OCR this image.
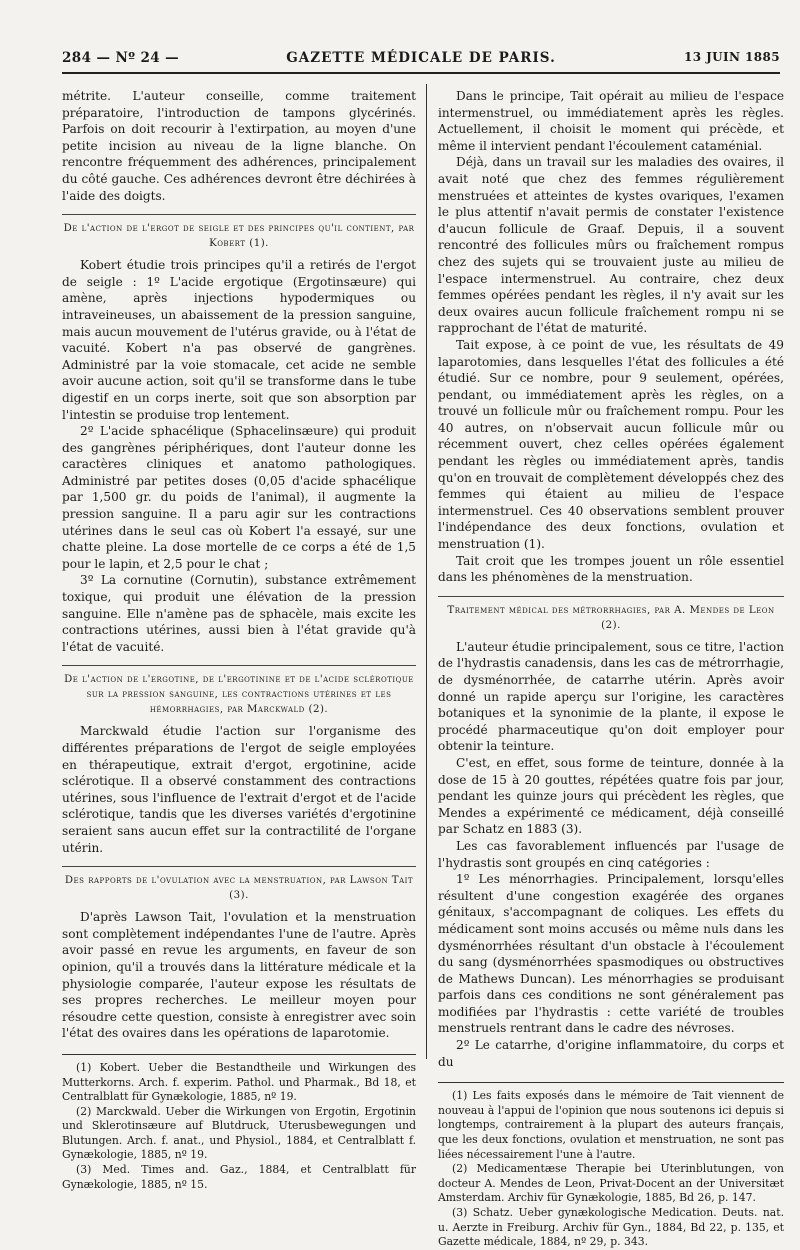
284 — Nº 24 —	GAZETTE MÉDICALE DE PARIS.	13 JUIN 1885

métrite. L'auteur conseille, comme traitement préparatoire, l'introduction de tampons glycérinés. Parfois on doit recourir à l'extirpation, au moyen d'une petite incision au niveau de la ligne blanche. On rencontre fréquemment des adhérences, principalement du côté gauche. Ces adhérences devront être déchirées à l'aide des doigts.

De l'action de l'ergot de seigle et des principes qu'il contient, par Kobert (1).

Kobert étudie trois principes qu'il a retirés de l'ergot de seigle : 1º L'acide ergotique (Ergotinsæure) qui amène, après injections hypodermiques ou intraveineuses, un abaissement de la pression sanguine, mais aucun mouvement de l'utérus gravide, ou à l'état de vacuité. Kobert n'a pas observé de gangrènes. Administré par la voie stomacale, cet acide ne semble avoir aucune action, soit qu'il se transforme dans le tube digestif en un corps inerte, soit que son absorption par l'intestin se produise trop lentement.

2º L'acide sphacélique (Sphacelinsæure) qui produit des gangrènes périphériques, dont l'auteur donne les caractères cliniques et anatomo pathologiques. Administré par petites doses (0,05 d'acide sphacélique par 1,500 gr. du poids de l'animal), il augmente la pression sanguine. Il a paru agir sur les contractions utérines dans le seul cas où Kobert l'a essayé, sur une chatte pleine. La dose mortelle de ce corps a été de 1,5 pour le lapin, et 2,5 pour le chat ;

3º La cornutine (Cornutin), substance extrêmement toxique, qui produit une élévation de la pression sanguine. Elle n'amène pas de sphacèle, mais excite les contractions utérines, aussi bien à l'état gravide qu'à l'état de vacuité.

De l'action de l'ergotine, de l'ergotinine et de l'acide sclérotique sur la pression sanguine, les contractions utérines et les hémorrhagies, par Marckwald (2).

Marckwald étudie l'action sur l'organisme des différentes préparations de l'ergot de seigle employées en thérapeutique, extrait d'ergot, ergotinine, acide sclérotique. Il a observé constamment des contractions utérines, sous l'influence de l'extrait d'ergot et de l'acide sclérotique, tandis que les diverses variétés d'ergotinine seraient sans aucun effet sur la contractilité de l'organe utérin.

Des rapports de l'ovulation avec la menstruation, par Lawson Tait (3).

D'après Lawson Tait, l'ovulation et la menstruation sont complètement indépendantes l'une de l'autre. Après avoir passé en revue les arguments, en faveur de son opinion, qu'il a trouvés dans la littérature médicale et la physiologie comparée, l'auteur expose les résultats de ses propres recherches. Le meilleur moyen pour résoudre cette question, consiste à enregistrer avec soin l'état des ovaires dans les opérations de laparotomie.

(1) Kobert. Ueber die Bestandtheile und Wirkungen des Mutterkorns. Arch. f. experim. Pathol. und Pharmak., Bd 18, et Centralblatt für Gynækologie, 1885, nº 19.

(2) Marckwald. Ueber die Wirkungen von Ergotin, Ergotinin und Sklerotinsæure auf Blutdruck, Uterusbewegungen und Blutungen. Arch. f. anat., und Physiol., 1884, et Centralblatt f. Gynækologie, 1885, nº 19.

(3) Med. Times and. Gaz., 1884, et Centralblatt für Gynækologie, 1885, nº 15.

Dans le principe, Tait opérait au milieu de l'espace intermenstruel, ou immédiatement après les règles. Actuellement, il choisit le moment qui précède, et même il intervient pendant l'écoulement cataménial.

Déjà, dans un travail sur les maladies des ovaires, il avait noté que chez des femmes régulièrement menstruées et atteintes de kystes ovariques, l'examen le plus attentif n'avait permis de constater l'existence d'aucun follicule de Graaf. Depuis, il a souvent rencontré des follicules mûrs ou fraîchement rompus chez des sujets qui se trouvaient juste au milieu de l'espace intermenstruel. Au contraire, chez deux femmes opérées pendant les règles, il n'y avait sur les deux ovaires aucun follicule fraîchement rompu ni se rapprochant de l'état de maturité.

Tait expose, à ce point de vue, les résultats de 49 laparotomies, dans lesquelles l'état des follicules a été étudié. Sur ce nombre, pour 9 seulement, opérées, pendant, ou immédiatement après les règles, on a trouvé un follicule mûr ou fraîchement rompu. Pour les 40 autres, on n'observait aucun follicule mûr ou récemment ouvert, chez celles opérées également pendant les règles ou immédiatement après, tandis qu'on en trouvait de complètement développés chez des femmes qui étaient au milieu de l'espace intermenstruel. Ces 40 observations semblent prouver l'indépendance des deux fonctions, ovulation et menstruation (1).

Tait croit que les trompes jouent un rôle essentiel dans les phénomènes de la menstruation.

Traitement médical des métrorrhagies, par A. Mendes de Leon (2).

L'auteur étudie principalement, sous ce titre, l'action de l'hydrastis canadensis, dans les cas de métrorrhagie, de dysménorrhée, de catarrhe utérin. Après avoir donné un rapide aperçu sur l'origine, les caractères botaniques et la synonimie de la plante, il expose le procédé pharmaceutique qu'on doit employer pour obtenir la teinture.

C'est, en effet, sous forme de teinture, donnée à la dose de 15 à 20 gouttes, répétées quatre fois par jour, pendant les quinze jours qui précèdent les règles, que Mendes a expérimenté ce médicament, déjà conseillé par Schatz en 1883 (3).

Les cas favorablement influencés par l'usage de l'hydrastis sont groupés en cinq catégories :

1º Les ménorrhagies. Principalement, lorsqu'elles résultent d'une congestion exagérée des organes génitaux, s'accompagnant de coliques. Les effets du médicament sont moins accusés ou même nuls dans les dysménorrhées résultant d'un obstacle à l'écoulement du sang (dysménorrhées spasmodiques ou obstructives de Mathews Duncan). Les ménorrhagies se produisant parfois dans ces conditions ne sont généralement pas modifiées par l'hydrastis : cette variété de troubles menstruels rentrant dans le cadre des névroses.

2º Le catarrhe, d'origine inflammatoire, du corps et du

(1) Les faits exposés dans le mémoire de Tait viennent de nouveau à l'appui de l'opinion que nous soutenons ici depuis si longtemps, contrairement à la plupart des auteurs français, que les deux fonctions, ovulation et menstruation, ne sont pas liées nécessairement l'une à l'autre.

(2) Medicamentæse Therapie bei Uterinblutungen, von docteur A. Mendes de Leon, Privat-Docent an der Universitæt Amsterdam. Archiv für Gynækologie, 1885, Bd 26, p. 147.

(3) Schatz. Ueber gynækologische Medication. Deuts. nat. u. Aerzte in Freiburg. Archiv für Gyn., 1884, Bd 22, p. 135, et Gazette médicale, 1884, nº 29, p. 343.
